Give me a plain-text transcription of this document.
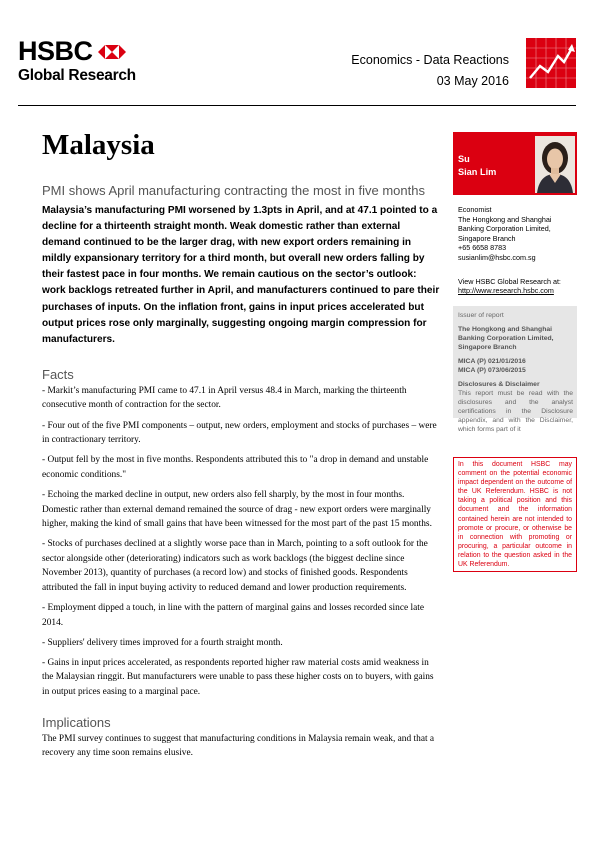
HSBC
Global Research
Economics - Data Reactions
03 May 2016
Malaysia
PMI shows April manufacturing contracting the most in five months
Malaysia’s manufacturing PMI worsened by 1.3pts in April, and at 47.1 pointed to a decline for a thirteenth straight month. Weak domestic rather than external demand continued to be the larger drag, with new export orders remaining in mildly expansionary territory for a third month, but overall new orders falling by their fastest pace in four months. We remain cautious on the sector’s outlook: work backlogs retreated further in April, and manufacturers continued to pare their purchases of inputs. On the inflation front, gains in input prices accelerated but output prices rose only marginally, suggesting ongoing margin compression for manufacturers.
Facts

- Markit’s manufacturing PMI came to 47.1 in April versus 48.4 in March, marking the thirteenth consecutive month of contraction for the sector.

- Four out of the five PMI components – output, new orders, employment and stocks of purchases – were in contractionary territory.

- Output fell by the most in five months. Respondents attributed this to "a drop in demand and unstable economic conditions."

- Echoing the marked decline in output, new orders also fell sharply, by the most in four months. Domestic rather than external demand remained the source of drag - new export orders were marginally higher, making the kind of small gains that have been witnessed for the most part of the past 15 months.

- Stocks of purchases declined at a slightly worse pace than in March, pointing to a soft outlook for the sector alongside other (deteriorating) indicators such as work backlogs (the biggest decline since November 2013), quantity of purchases (a record low) and stocks of finished goods. Respondents attributed the fall in input buying activity to reduced demand and lower production requirements.

- Employment dipped a touch, in line with the pattern of marginal gains and losses recorded since late 2014.

- Suppliers' delivery times improved for a fourth straight month.

- Gains in input prices accelerated, as respondents reported higher raw material costs amid weakness in the Malaysian ringgit. But manufacturers were unable to pass these higher costs on to buyers, with gains in output prices easing to a marginal pace.

Implications

The PMI survey continues to suggest that manufacturing conditions in Malaysia remain weak, and that a recovery any time soon remains elusive.

Su
Sian Lim
Economist
The Hongkong and Shanghai
Banking Corporation Limited,
Singapore Branch
+65 6658 8783
susianlim@hsbc.com.sg
View HSBC Global Research at:
http://www.research.hsbc.com
Issuer of report
The Hongkong and Shanghai
Banking Corporation Limited,
Singapore Branch
MICA (P) 021/01/2016
MICA (P) 073/06/2015
Disclosures & Disclaimer
This report must be read with the disclosures and the analyst certifications in the Disclosure appendix, and with the Disclaimer, which forms part of it
In this document HSBC may comment on the potential economic impact dependent on the outcome of the UK Referendum. HSBC is not taking a political position and this document and the information contained herein are not intended to promote or procure, or otherwise be in connection with promoting or procuring, a particular outcome in relation to the question asked in the UK Referendum.
